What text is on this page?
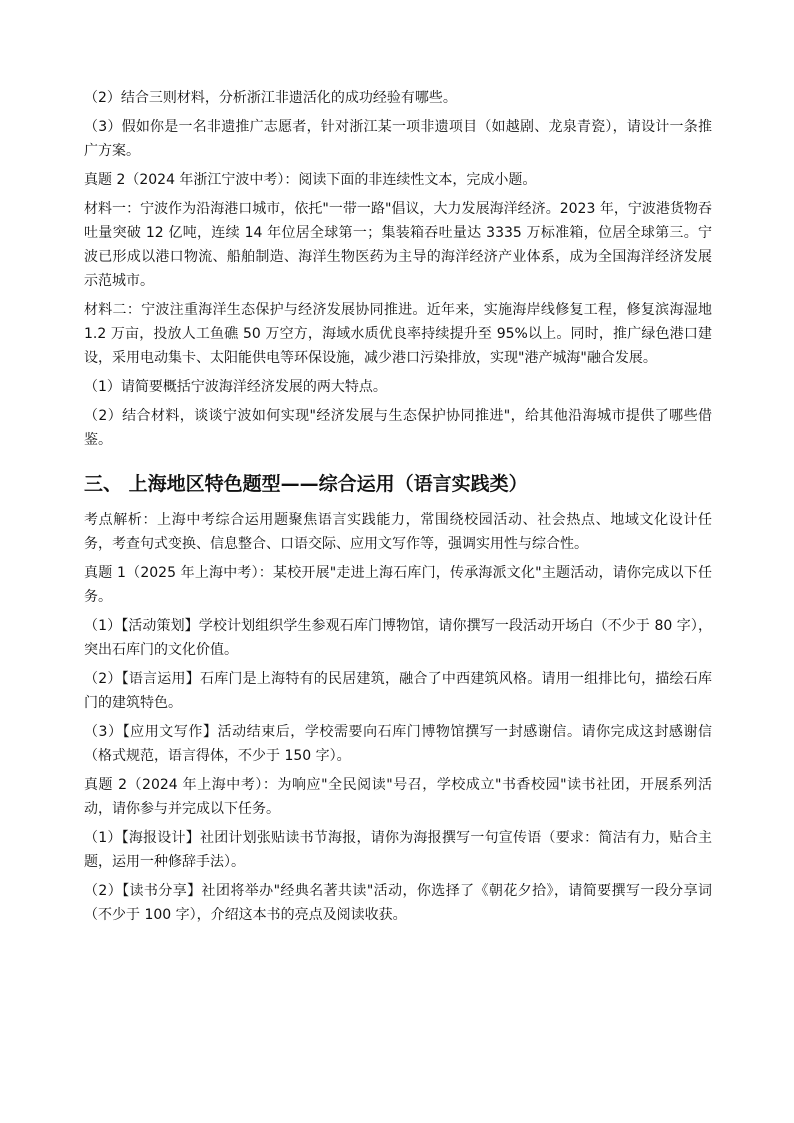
（2）结合三则材料，分析浙江非遗活化的成功经验有哪些。

（3）假如你是一名非遗推广志愿者，针对浙江某一项非遗项目（如越剧、龙泉青瓷），请设计一条推广方案。

真题 2（2024 年浙江宁波中考）：阅读下面的非连续性文本，完成小题。

材料一：宁波作为沿海港口城市，依托"一带一路"倡议，大力发展海洋经济。2023 年，宁波港货物吞吐量突破 12 亿吨，连续 14 年位居全球第一；集装箱吞吐量达 3335 万标准箱，位居全球第三。宁波已形成以港口物流、船舶制造、海洋生物医药为主导的海洋经济产业体系，成为全国海洋经济发展示范城市。

材料二：宁波注重海洋生态保护与经济发展协同推进。近年来，实施海岸线修复工程，修复滨海湿地 1.2 万亩，投放人工鱼礁 50 万空方，海域水质优良率持续提升至 95%以上。同时，推广绿色港口建设，采用电动集卡、太阳能供电等环保设施，减少港口污染排放，实现"港产城海"融合发展。

（1）请简要概括宁波海洋经济发展的两大特点。

（2）结合材料，谈谈宁波如何实现"经济发展与生态保护协同推进"，给其他沿海城市提供了哪些借鉴。

三、 上海地区特色题型——综合运用（语言实践类）

考点解析：上海中考综合运用题聚焦语言实践能力，常围绕校园活动、社会热点、地域文化设计任务，考查句式变换、信息整合、口语交际、应用文写作等，强调实用性与综合性。

真题 1（2025 年上海中考）：某校开展"走进上海石库门，传承海派文化"主题活动，请你完成以下任务。

（1）【活动策划】学校计划组织学生参观石库门博物馆，请你撰写一段活动开场白（不少于 80 字），突出石库门的文化价值。

（2）【语言运用】石库门是上海特有的民居建筑，融合了中西建筑风格。请用一组排比句，描绘石库门的建筑特色。

（3）【应用文写作】活动结束后，学校需要向石库门博物馆撰写一封感谢信。请你完成这封感谢信（格式规范，语言得体，不少于 150 字）。

真题 2（2024 年上海中考）：为响应"全民阅读"号召，学校成立"书香校园"读书社团，开展系列活动，请你参与并完成以下任务。

（1）【海报设计】社团计划张贴读书节海报，请你为海报撰写一句宣传语（要求：简洁有力，贴合主题，运用一种修辞手法）。

（2）【读书分享】社团将举办"经典名著共读"活动，你选择了《朝花夕拾》，请简要撰写一段分享词（不少于 100 字），介绍这本书的亮点及阅读收获。
